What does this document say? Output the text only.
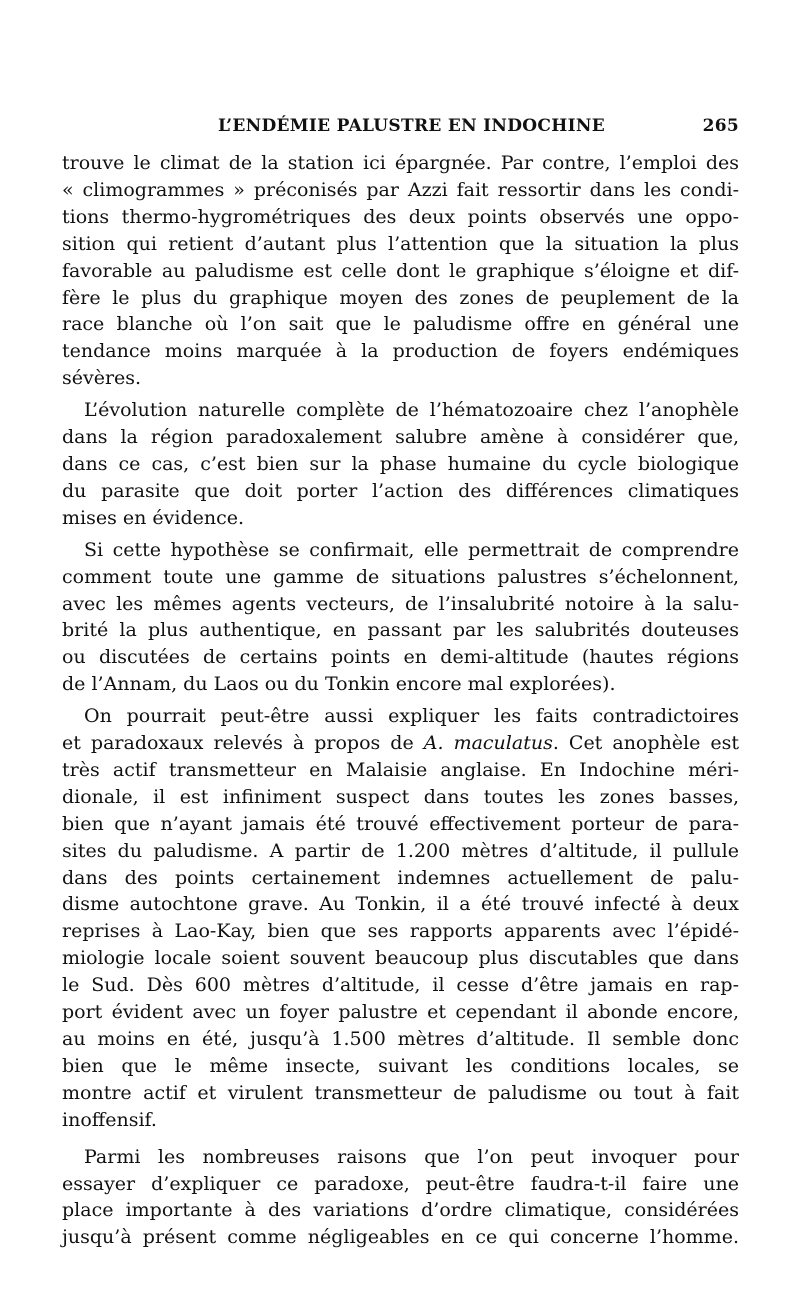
L’ENDÉMIE PALUSTRE EN INDOCHINE	265

trouve le climat de la station ici épargnée. Par contre, l’emploi des
« climogrammes » préconisés par Azzi fait ressortir dans les condi-
tions thermo-hygrométriques des deux points observés une oppo-
sition qui retient d’autant plus l’attention que la situation la plus
favorable au paludisme est celle dont le graphique s’éloigne et dif-
fère le plus du graphique moyen des zones de peuplement de la
race blanche où l’on sait que le paludisme offre en général une
tendance moins marquée à la production de foyers endémiques
sévères.

L’évolution naturelle complète de l’hématozoaire chez l’anophèle
dans la région paradoxalement salubre amène à considérer que,
dans ce cas, c’est bien sur la phase humaine du cycle biologique
du parasite que doit porter l’action des différences climatiques
mises en évidence.

Si cette hypothèse se confirmait, elle permettrait de comprendre
comment toute une gamme de situations palustres s’échelonnent,
avec les mêmes agents vecteurs, de l’insalubrité notoire à la salu-
brité la plus authentique, en passant par les salubrités douteuses
ou discutées de certains points en demi-altitude (hautes régions
de l’Annam, du Laos ou du Tonkin encore mal explorées).

On pourrait peut-être aussi expliquer les faits contradictoires
et paradoxaux relevés à propos de A. maculatus. Cet anophèle est
très actif transmetteur en Malaisie anglaise. En Indochine méri-
dionale, il est infiniment suspect dans toutes les zones basses,
bien que n’ayant jamais été trouvé effectivement porteur de para-
sites du paludisme. A partir de 1.200 mètres d’altitude, il pullule
dans des points certainement indemnes actuellement de palu-
disme autochtone grave. Au Tonkin, il a été trouvé infecté à deux
reprises à Lao-Kay, bien que ses rapports apparents avec l’épidé-
miologie locale soient souvent beaucoup plus discutables que dans
le Sud. Dès 600 mètres d’altitude, il cesse d’être jamais en rap-
port évident avec un foyer palustre et cependant il abonde encore,
au moins en été, jusqu’à 1.500 mètres d’altitude. Il semble donc
bien que le même insecte, suivant les conditions locales, se
montre actif et virulent transmetteur de paludisme ou tout à fait
inoffensif.

Parmi les nombreuses raisons que l’on peut invoquer pour
essayer d’expliquer ce paradoxe, peut-être faudra-t-il faire une
place importante à des variations d’ordre climatique, considérées
jusqu’à présent comme négligeables en ce qui concerne l’homme.
